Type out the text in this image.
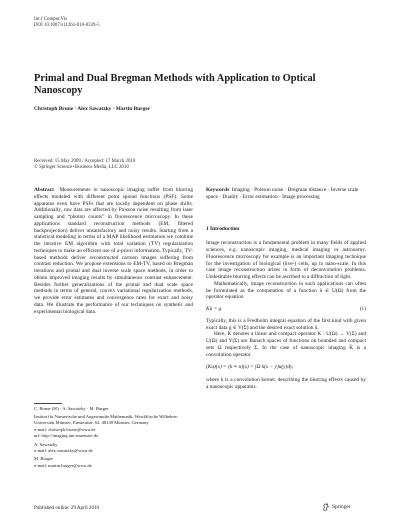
Int J Comput Vis
DOI 10.1007/s11263-010-0339-5
Primal and Dual Bregman Methods with Application to Optical Nanoscopy
Christoph Brune · Alex Sawatzky · Martin Burger
Received: 15 May 2009 / Accepted: 17 March 2010
© Springer Science+Business Media, LLC 2010

Abstract Measurements in nanoscopic imaging suffer from blurring effects modeled with different point spread functions (PSF). Some apparatus even have PSFs that are locally dependent on phase shifts. Additionally, raw data are affected by Poisson noise resulting from laser sampling and “photon counts” in fluorescence microscopy. In these applications standard reconstruction methods (EM, filtered backprojection) deliver unsatisfactory and noisy results. Starting from a statistical modeling in terms of a MAP likelihood estimation we combine the iterative EM algorithm with total variation (TV) regularization techniques to make an efficient use of a-priori information. Typically, TV-based methods deliver reconstructed cartoon images suffering from contrast reduction. We propose extensions to EM-TV, based on Bregman iterations and primal and dual inverse scale space methods, in order to obtain improved imaging results by simultaneous contrast enhancement. Besides further generalizations of the primal and dual scale space methods in terms of general, convex variational regularization methods, we provide error estimates and convergence rates for exact and noisy data. We illustrate the performance of our techniques on synthetic and experimental biological data.

Keywords Imaging · Poisson noise · Bregman distance · Inverse scale space · Duality · Error estimation · Image processing

1 Introduction

Image reconstruction is a fundamental problem in many fields of applied sciences, e.g. nanoscopic imaging, medical imaging or astronomy. Fluorescence microscopy for example is an important imaging technique for the investigation of biological (live-) cells, up to nano-scale. In this case image reconstruction arises in form of deconvolution problems. Undesirable blurring effects can be ascribed to a diffraction of light.

Mathematically, image reconstruction in such applications can often be formulated as the computation of a function ū ∈ U(Ω) from the operator equation

Kū = g.	(1)

Typically, this is a Fredholm integral equation of the first kind with given exact data g ∈ V(Σ) and the desired exact solution ū.

Here, K denotes a linear and compact operator K : U(Ω) → V(Σ) and U(Ω) and V(Σ) are Banach spaces of functions on bounded and compact sets Ω respectively Σ. In the case of nanoscopic imaging K̄ is a convolution operator

(Ku)(x) = (k ∗ u)(x) = ∫Ω k(x − y)u(y)dy,

where k is a convolution kernel, describing the blurring effects caused by a nanoscopic apparatus.

C. Brune (✉) · A. Sawatzky · M. Burger

Institut für Numerische und Angewandte Mathematik, Westfälische Wilhelms-Universität Münster, Einsteinstr. 62, 48149 Münster, Germany

e-mail: christoph.brune@wwu.de

url: http://imaging.uni-muenster.de

A. Sawatzky

e-mail: alex.sawatzky@wwu.de

M. Burger

e-mail: martin.burger@wwu.de

Published online: 29 April 2010	Springer
